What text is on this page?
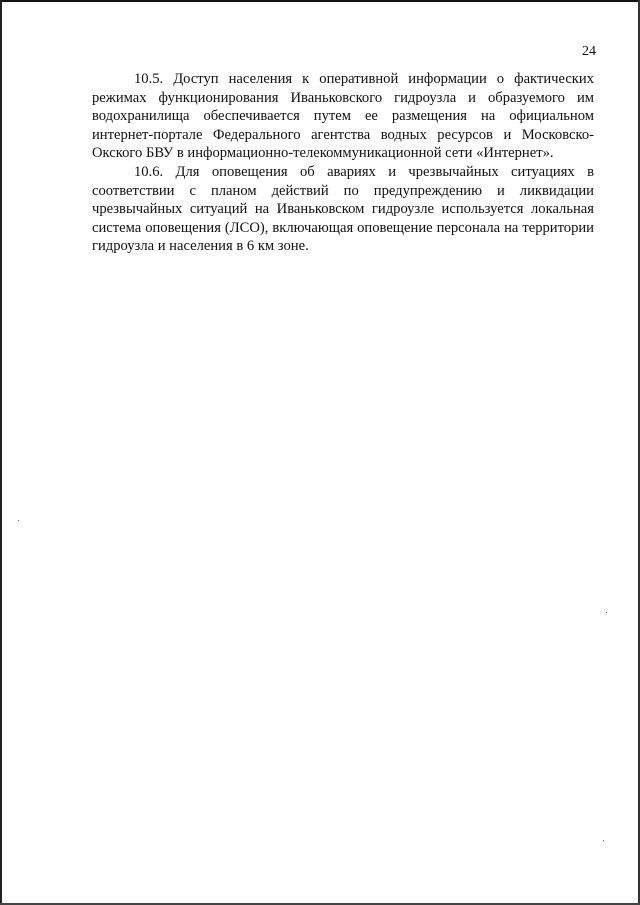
24

10.5. Доступ населения к оперативной информации о фактических режимах функционирования Иваньковского гидроузла и образуемого им водохранилища обеспечивается путем ее размещения на официальном интернет-портале Федерального агентства водных ресурсов и Московско-Окского БВУ в информационно-телекоммуникационной сети «Интернет».

10.6. Для оповещения об авариях и чрезвычайных ситуациях в соответствии с планом действий по предупреждению и ликвидации чрезвычайных ситуаций на Иваньковском гидроузле используется локальная система оповещения (ЛСО), включающая оповещение персонала на территории гидроузла и населения в 6 км зоне.
